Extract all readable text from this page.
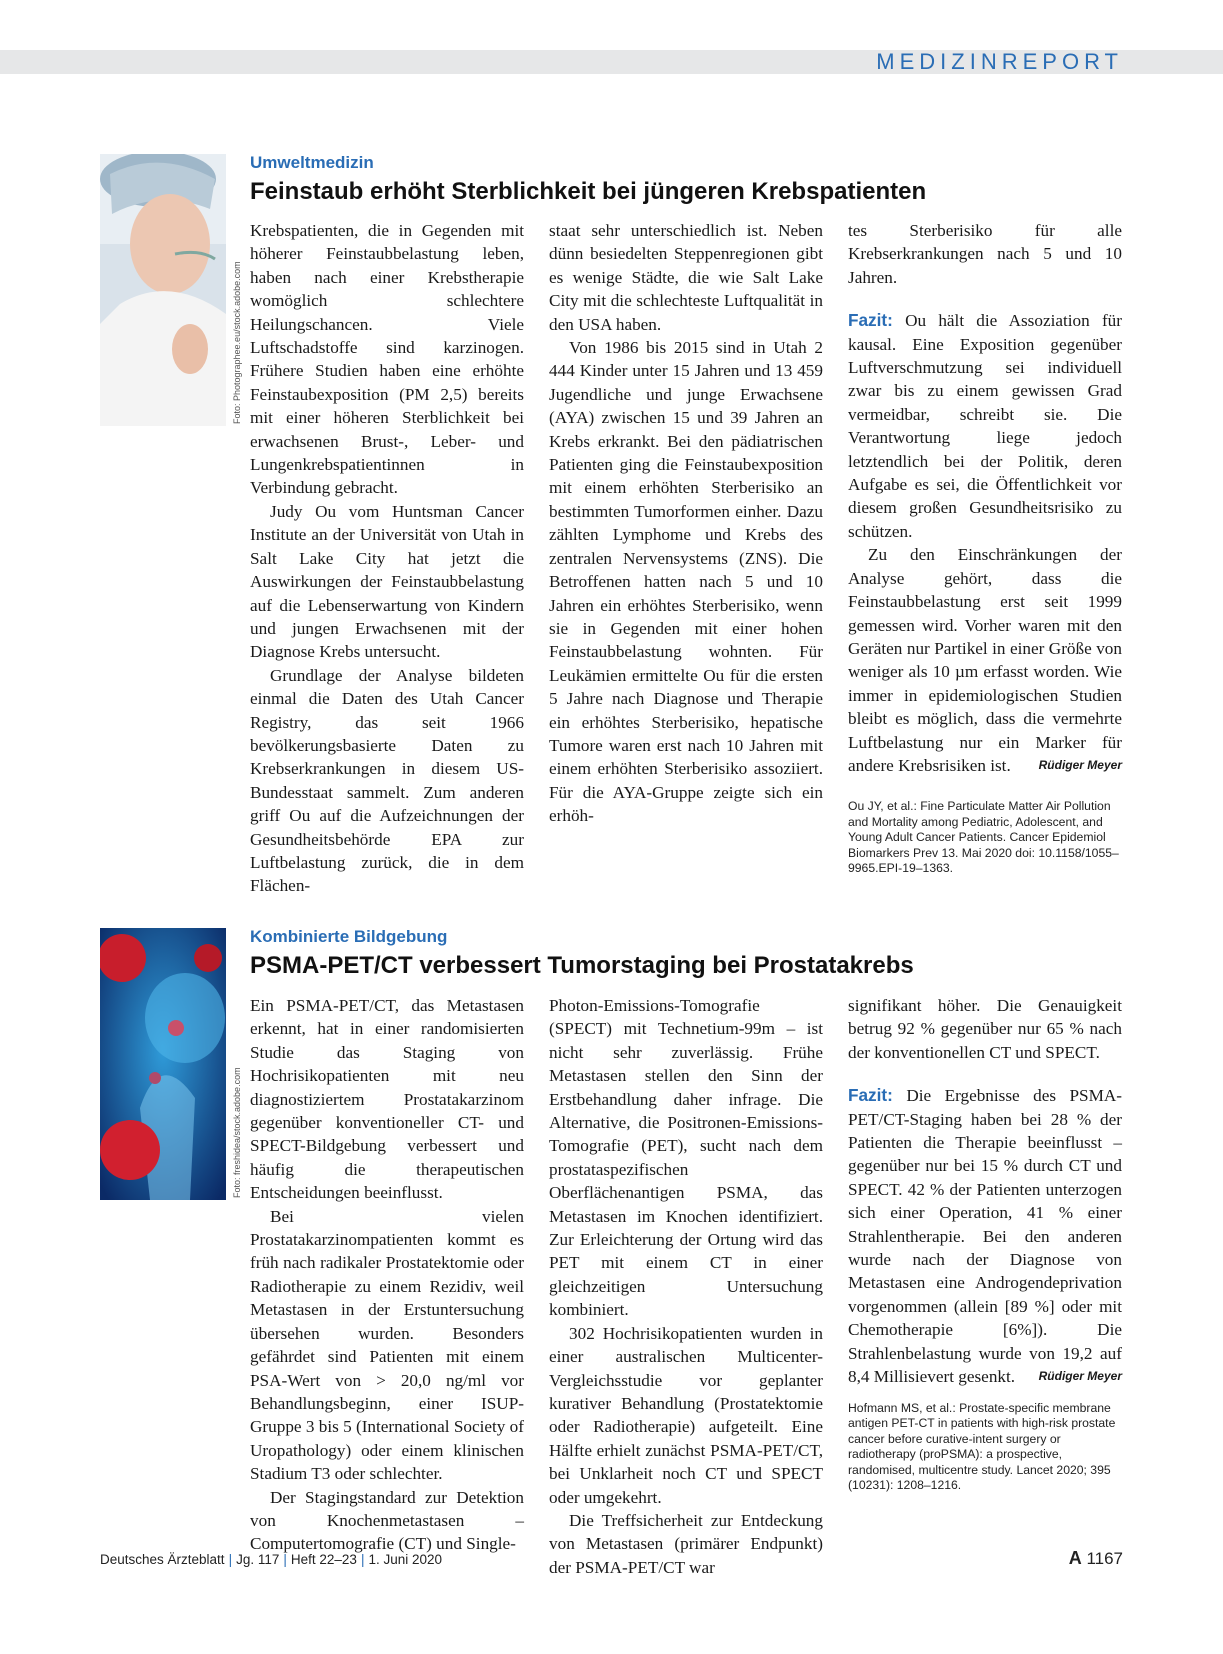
MEDIZINREPORT
Foto: Photographee.eu/stock.adobe.com
Umweltmedizin
Feinstaub erhöht Sterblichkeit bei jüngeren Krebspatienten

Krebspatienten, die in Gegenden mit höherer Feinstaubbelastung leben, haben nach einer Krebstherapie womöglich schlechtere Heilungschancen. Viele Luftschadstoffe sind karzinogen. Frühere Studien haben eine erhöhte Feinstaubexposition (PM 2,5) bereits mit einer höheren Sterblichkeit bei erwachsenen Brust-, Leber- und Lungenkrebspatientinnen in Verbindung gebracht.

Judy Ou vom Huntsman Cancer Institute an der Universität von Utah in Salt Lake City hat jetzt die Auswirkungen der Feinstaubbelastung auf die Lebenserwartung von Kindern und jungen Erwachsenen mit der Diagnose Krebs untersucht.

Grundlage der Analyse bildeten einmal die Daten des Utah Cancer Registry, das seit 1966 bevölkerungsbasierte Daten zu Krebserkrankungen in diesem US-Bundesstaat sammelt. Zum anderen griff Ou auf die Aufzeichnungen der Gesundheitsbehörde EPA zur Luftbelastung zurück, die in dem Flächen-

staat sehr unterschiedlich ist. Neben dünn besiedelten Steppenregionen gibt es wenige Städte, die wie Salt Lake City mit die schlechteste Luftqualität in den USA haben.

Von 1986 bis 2015 sind in Utah 2 444 Kinder unter 15 Jahren und 13 459 Jugendliche und junge Erwachsene (AYA) zwischen 15 und 39 Jahren an Krebs erkrankt. Bei den pädiatrischen Patienten ging die Feinstaubexposition mit einem erhöhten Sterberisiko an bestimmten Tumorformen einher. Dazu zählten Lymphome und Krebs des zentralen Nervensystems (ZNS). Die Betroffenen hatten nach 5 und 10 Jahren ein erhöhtes Sterberisiko, wenn sie in Gegenden mit einer hohen Feinstaubbelastung wohnten. Für Leukämien ermittelte Ou für die ersten 5 Jahre nach Diagnose und Therapie ein erhöhtes Sterberisiko, hepatische Tumore waren erst nach 10 Jahren mit einem erhöhten Sterberisiko assoziiert. Für die AYA-Gruppe zeigte sich ein erhöh-

tes Sterberisiko für alle Krebserkrankungen nach 5 und 10 Jahren.

Fazit: Ou hält die Assoziation für kausal. Eine Exposition gegenüber Luftverschmutzung sei individuell zwar bis zu einem gewissen Grad vermeidbar, schreibt sie. Die Verantwortung liege jedoch letztendlich bei der Politik, deren Aufgabe es sei, die Öffentlichkeit vor diesem großen Gesundheitsrisiko zu schützen.

Zu den Einschränkungen der Analyse gehört, dass die Feinstaubbelastung erst seit 1999 gemessen wird. Vorher waren mit den Geräten nur Partikel in einer Größe von weniger als 10 µm erfasst worden. Wie immer in epidemiologischen Studien bleibt es möglich, dass die vermehrte Luftbelastung nur ein Marker für andere Krebsrisiken ist.	Rüdiger Meyer

Ou JY, et al.: Fine Particulate Matter Air Pollution and Mortality among Pediatric, Adolescent, and Young Adult Cancer Patients. Cancer Epidemiol Biomarkers Prev 13. Mai 2020 doi: 10.1158/1055–9965.EPI-19–1363.

Foto: freshidea/stock.adobe.com
Kombinierte Bildgebung
PSMA-PET/CT verbessert Tumorstaging bei Prostatakrebs

Ein PSMA-PET/CT, das Metastasen erkennt, hat in einer randomisierten Studie das Staging von Hochrisikopatienten mit neu diagnostiziertem Prostatakarzinom gegenüber konventioneller CT- und SPECT-Bildgebung verbessert und häufig die therapeutischen Entscheidungen beeinflusst.

Bei vielen Prostatakarzinompatienten kommt es früh nach radikaler Prostatektomie oder Radiotherapie zu einem Rezidiv, weil Metastasen in der Erstuntersuchung übersehen wurden. Besonders gefährdet sind Patienten mit einem PSA-Wert von > 20,0 ng/ml vor Behandlungsbeginn, einer ISUP-Gruppe 3 bis 5 (International Society of Uropathology) oder einem klinischen Stadium T3 oder schlechter.

Der Stagingstandard zur Detektion von Knochenmetastasen – Computertomografie (CT) und Single-

Photon-Emissions-Tomografie (SPECT) mit Technetium-99m – ist nicht sehr zuverlässig. Frühe Metastasen stellen den Sinn der Erstbehandlung daher infrage. Die Alternative, die Positronen-Emissions-Tomografie (PET), sucht nach dem prostataspezifischen Oberflächenantigen PSMA, das Metastasen im Knochen identifiziert. Zur Erleichterung der Ortung wird das PET mit einem CT in einer gleichzeitigen Untersuchung kombiniert.

302 Hochrisikopatienten wurden in einer australischen Multicenter-Vergleichsstudie vor geplanter kurativer Behandlung (Prostatektomie oder Radiotherapie) aufgeteilt. Eine Hälfte erhielt zunächst PSMA-PET/CT, bei Unklarheit noch CT und SPECT oder umgekehrt.

Die Treffsicherheit zur Entdeckung von Metastasen (primärer Endpunkt) der PSMA-PET/CT war

signifikant höher. Die Genauigkeit betrug 92 % gegenüber nur 65 % nach der konventionellen CT und SPECT.

Fazit: Die Ergebnisse des PSMA-PET/CT-Staging haben bei 28 % der Patienten die Therapie beeinflusst – gegenüber nur bei 15 % durch CT und SPECT. 42 % der Patienten unterzogen sich einer Operation, 41 % einer Strahlentherapie. Bei den anderen wurde nach der Diagnose von Metastasen eine Androgendeprivation vorgenommen (allein [89 %] oder mit Chemotherapie [6%]). Die Strahlenbelastung wurde von 19,2 auf 8,4 Millisievert gesenkt. Rüdiger Meyer

Hofmann MS, et al.: Prostate-specific membrane antigen PET-CT in patients with high-risk prostate cancer before curative-intent surgery or radiotherapy (proPSMA): a prospective, randomised, multicentre study. Lancet 2020; 395 (10231): 1208–1216.

Deutsches Ärzteblatt | Jg. 117 | Heft 22–23 | 1. Juni 2020	A 1167
